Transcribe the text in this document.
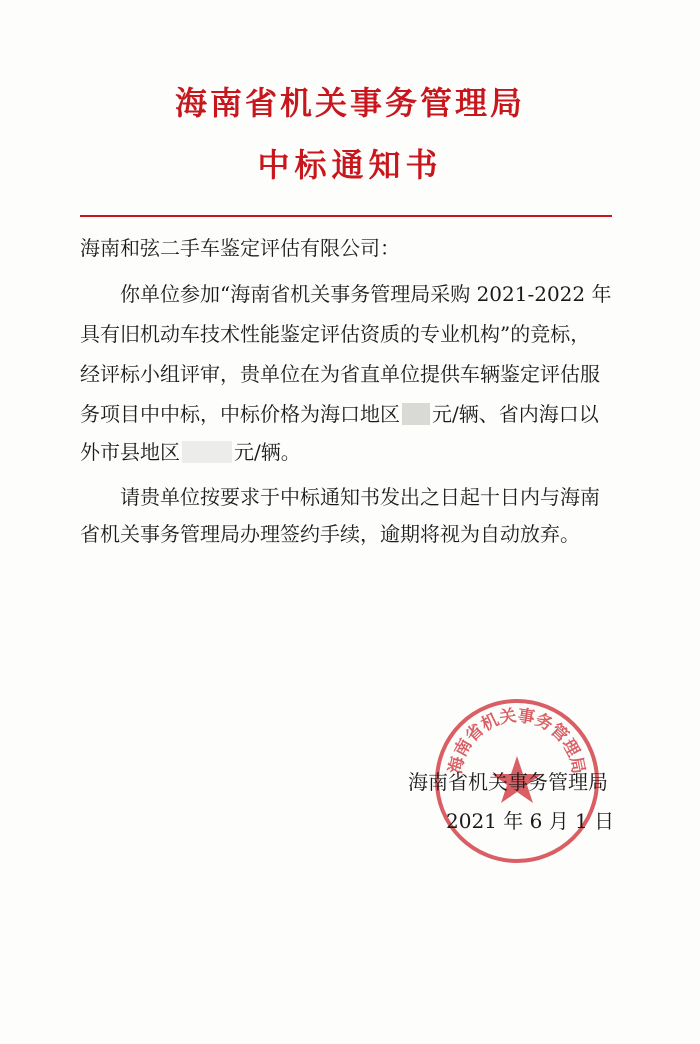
海南省机关事务管理局
中标通知书
海南和弦二手车鉴定评估有限公司：
你单位参加“海南省机关事务管理局采购 2021-2022 年
具有旧机动车技术性能鉴定评估资质的专业机构”的竞标，
经评标小组评审，贵单位在为省直单位提供车辆鉴定评估服
务项目中中标，中标价格为海口地区 元/辆、省内海口以
外市县地区	元/辆。
请贵单位按要求于中标通知书发出之日起十日内与海南
省机关事务管理局办理签约手续，逾期将视为自动放弃。
海南省机关事务管理局
海南省机关事务管理局
2021 年 6 月 1 日
